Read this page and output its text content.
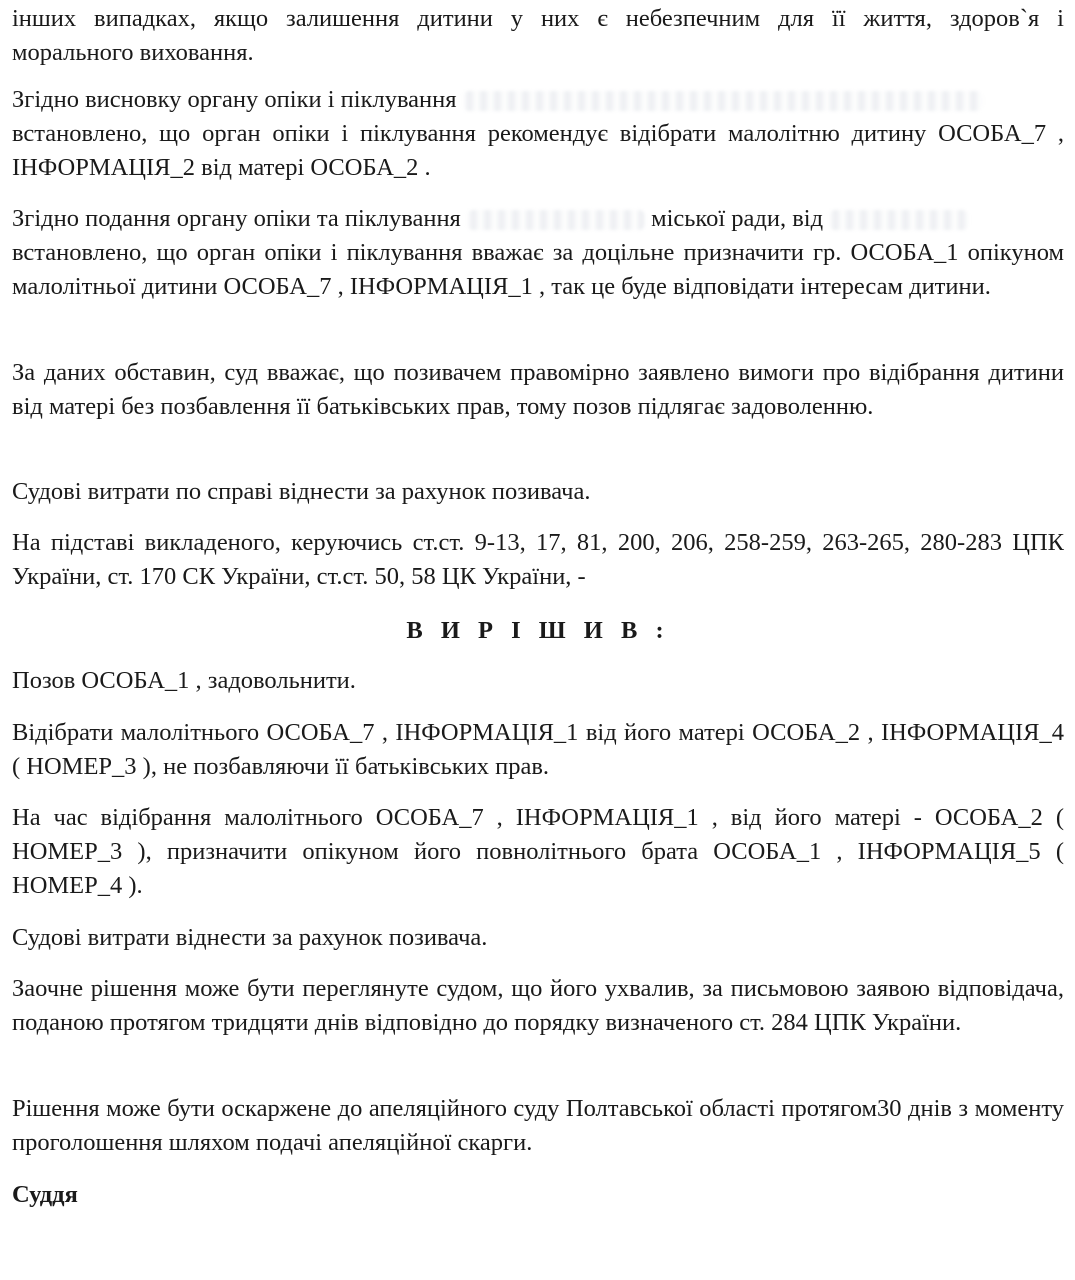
інших випадках, якщо залишення дитини у них є небезпечним для її життя, здоров`я і
морального виховання.

Згідно висновку органу опіки і піклування
встановлено, що орган опіки і піклування рекомендує відібрати малолітню дитину ОСОБА_7 , ІНФОРМАЦІЯ_2 від матері ОСОБА_2 .

Згідно подання органу опіки та піклування	міської ради, від
встановлено, що орган опіки і піклування вважає за доцільне призначити гр. ОСОБА_1 опікуном малолітньої дитини ОСОБА_7 , ІНФОРМАЦІЯ_1 , так це буде відповідати інтересам дитини.

За даних обставин, суд вважає, що позивачем правомірно заявлено вимоги про відібрання дитини від матері без позбавлення її батьківських прав, тому позов підлягає задоволенню.

Судові витрати по справі віднести за рахунок позивача.

На підставі викладеного, керуючись ст.ст. 9-13, 17, 81, 200, 206, 258-259, 263-265, 280-283 ЦПК України, ст. 170 СК України, ст.ст. 50, 58 ЦК України, -

В И Р І Ш И В :

Позов ОСОБА_1 , задовольнити.

Відібрати малолітнього ОСОБА_7 , ІНФОРМАЦІЯ_1 від його матері ОСОБА_2 , ІНФОРМАЦІЯ_4 ( НОМЕР_3 ), не позбавляючи її батьківських прав.

На час відібрання малолітнього ОСОБА_7 , ІНФОРМАЦІЯ_1 , від його матері - ОСОБА_2 ( НОМЕР_3 ), призначити опікуном його повнолітнього брата ОСОБА_1 , ІНФОРМАЦІЯ_5 ( НОМЕР_4 ).

Судові витрати віднести за рахунок позивача.

Заочне рішення може бути переглянуте судом, що його ухвалив, за письмовою заявою відповідача, поданою протягом тридцяти днів відповідно до порядку визначеного ст. 284 ЦПК України.

Рішення може бути оскаржене до апеляційного суду Полтавської області протягом30 днів з моменту проголошення шляхом подачі апеляційної скарги.

Суддя
